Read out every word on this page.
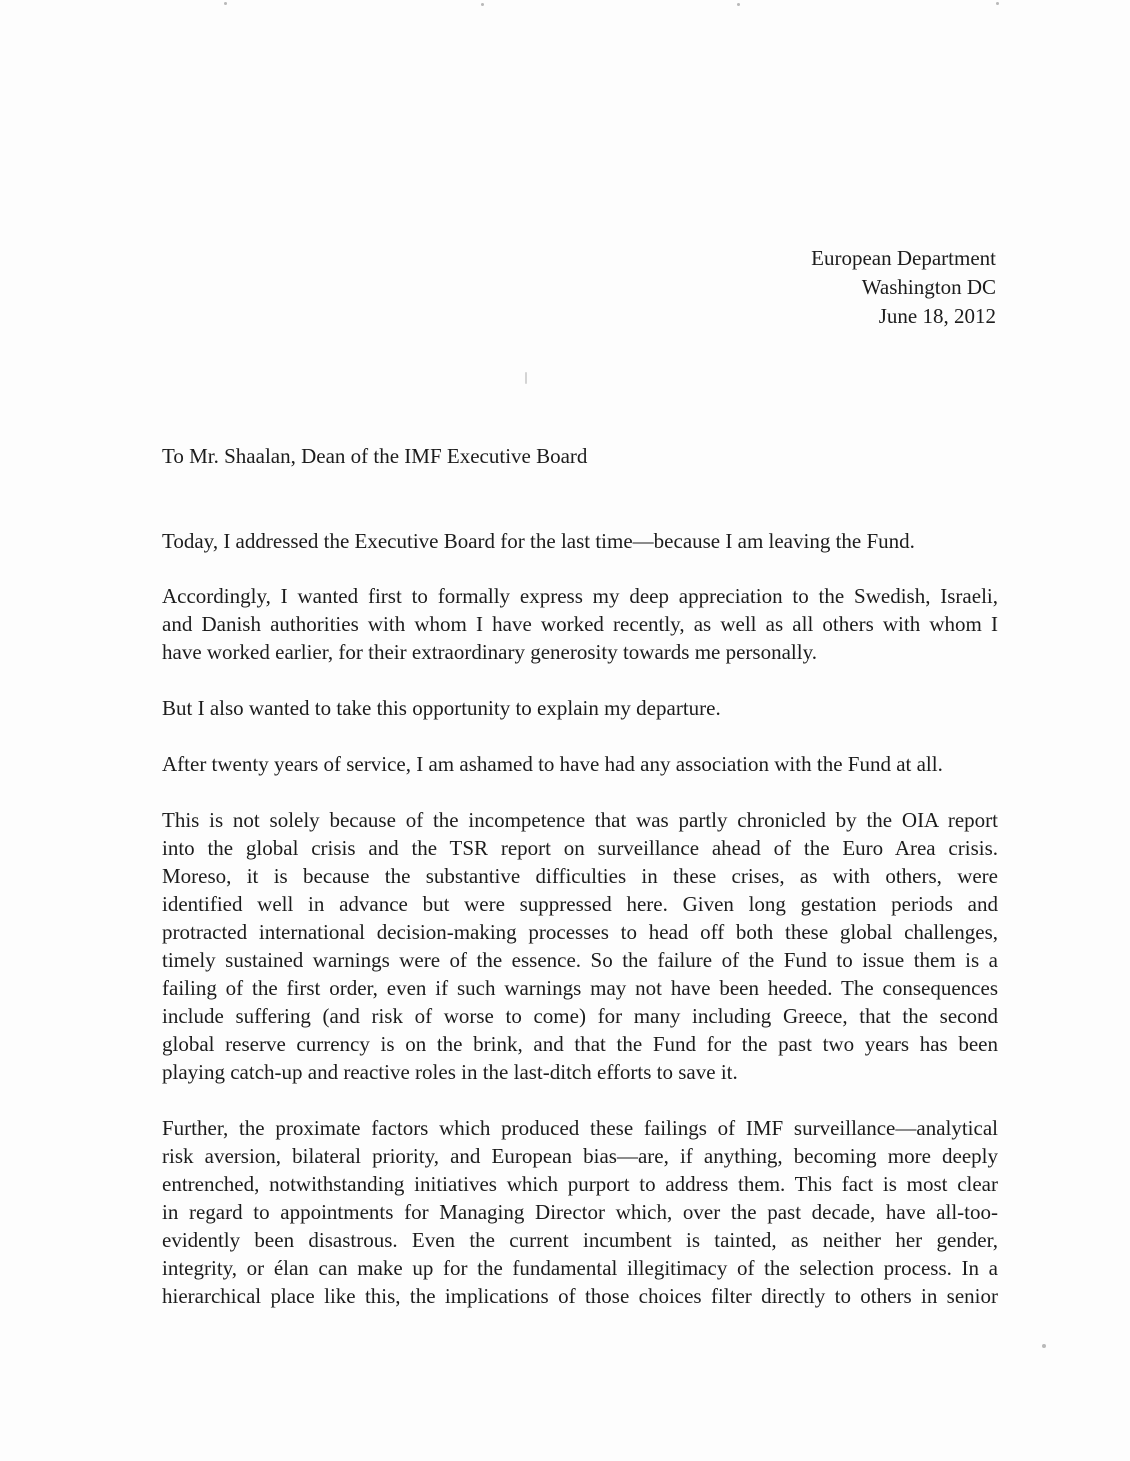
European Department
Washington DC
June 18, 2012
To Mr. Shaalan, Dean of the IMF Executive Board

Today, I addressed the Executive Board for the last time—because I am leaving the Fund.

Accordingly, I wanted first to formally express my deep appreciation to the Swedish, Israeli,
and Danish authorities with whom I have worked recently, as well as all others with whom I
have worked earlier, for their extraordinary generosity towards me personally.

But I also wanted to take this opportunity to explain my departure.

After twenty years of service, I am ashamed to have had any association with the Fund at all.

This is not solely because of the incompetence that was partly chronicled by the OIA report
into the global crisis and the TSR report on surveillance ahead of the Euro Area crisis.
Moreso, it is because the substantive difficulties in these crises, as with others, were
identified well in advance but were suppressed here. Given long gestation periods and
protracted international decision-making processes to head off both these global challenges,
timely sustained warnings were of the essence. So the failure of the Fund to issue them is a
failing of the first order, even if such warnings may not have been heeded. The consequences
include suffering (and risk of worse to come) for many including Greece, that the second
global reserve currency is on the brink, and that the Fund for the past two years has been
playing catch-up and reactive roles in the last-ditch efforts to save it.

Further, the proximate factors which produced these failings of IMF surveillance—analytical
risk aversion, bilateral priority, and European bias—are, if anything, becoming more deeply
entrenched, notwithstanding initiatives which purport to address them. This fact is most clear
in regard to appointments for Managing Director which, over the past decade, have all-too-
evidently been disastrous. Even the current incumbent is tainted, as neither her gender,
integrity, or élan can make up for the fundamental illegitimacy of the selection process. In a
hierarchical place like this, the implications of those choices filter directly to others in senior
